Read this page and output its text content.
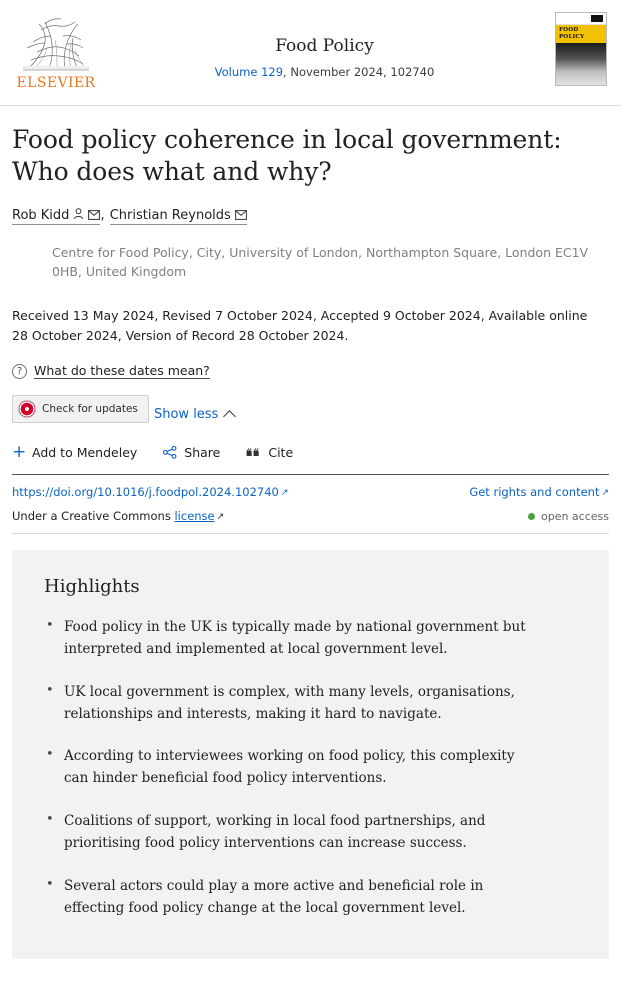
ELSEVIER
Food Policy
Volume 129, November 2024, 102740
FOOD
POLICY
Food policy coherence in local government: Who does what and why?
Rob Kidd , Christian Reynolds
Centre for Food Policy, City, University of London, Northampton Square, London EC1V 0HB, United Kingdom
Received 13 May 2024, Revised 7 October 2024, Accepted 9 October 2024, Available online 28 October 2024, Version of Record 28 October 2024.
? What do these dates mean?
Check for updates
Show less
+ Add to Mendeley	Share	Cite
https://doi.org/10.1016/j.foodpol.2024.102740 ↗	Get rights and content ↗
Under a Creative Commons license ↗	open access
Highlights
• Food policy in the UK is typically made by national government but interpreted and implemented at local government level.
• UK local government is complex, with many levels, organisations, relationships and interests, making it hard to navigate.
• According to interviewees working on food policy, this complexity can hinder beneficial food policy interventions.
• Coalitions of support, working in local food partnerships, and prioritising food policy interventions can increase success.
• Several actors could play a more active and beneficial role in effecting food policy change at the local government level.
